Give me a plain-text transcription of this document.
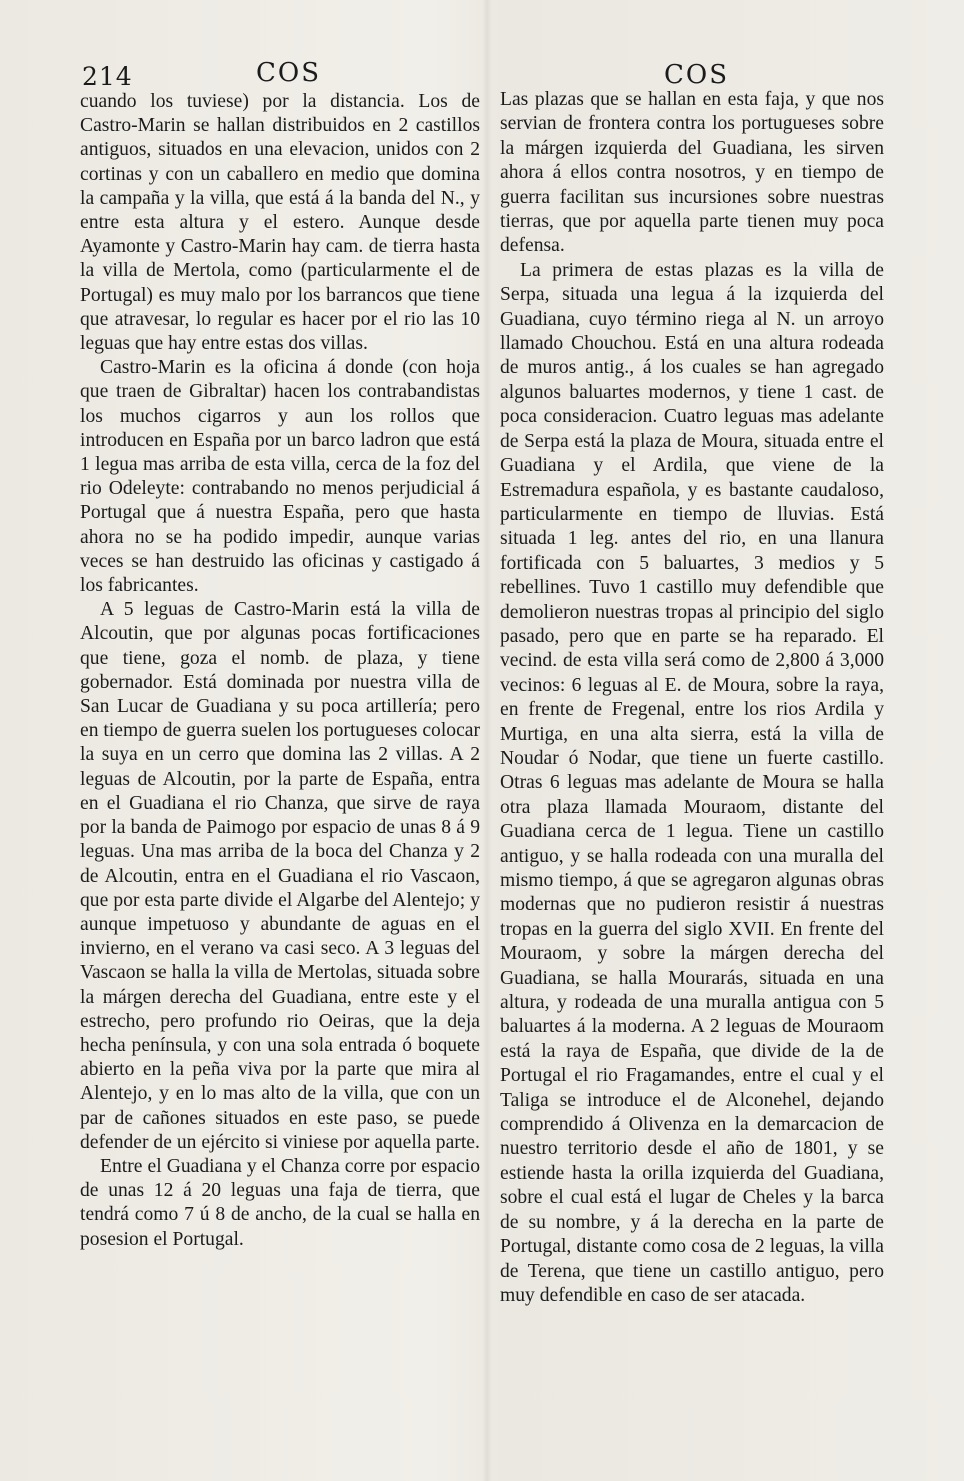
214	COS	COS

cuando los tuviese) por la distancia. Los de Castro-Marin se hallan distribuidos en 2 castillos antiguos, situados en una elevacion, unidos con 2 cortinas y con un caballero en medio que domina la campaña y la villa, que está á la banda del N., y entre esta altura y el estero. Aunque desde Ayamonte y Castro-Marin hay cam. de tierra hasta la villa de Mertola, como (particularmente el de Portugal) es muy malo por los barrancos que tiene que atravesar, lo regular es hacer por el rio las 10 leguas que hay entre estas dos villas.

Castro-Marin es la oficina á donde (con hoja que traen de Gibraltar) hacen los contrabandistas los muchos cigarros y aun los rollos que introducen en España por un barco ladron que está 1 legua mas arriba de esta villa, cerca de la foz del rio Odeleyte: contrabando no menos perjudicial á Portugal que á nuestra España, pero que hasta ahora no se ha podido impedir, aunque varias veces se han destruido las oficinas y castigado á los fabricantes.

A 5 leguas de Castro-Marin está la villa de Alcoutin, que por algunas pocas fortificaciones que tiene, goza el nomb. de plaza, y tiene gobernador. Está dominada por nuestra villa de San Lucar de Guadiana y su poca artillería; pero en tiempo de guerra suelen los portugueses colocar la suya en un cerro que domina las 2 villas. A 2 leguas de Alcoutin, por la parte de España, entra en el Guadiana el rio Chanza, que sirve de raya por la banda de Paimogo por espacio de unas 8 á 9 leguas. Una mas arriba de la boca del Chanza y 2 de Alcoutin, entra en el Guadiana el rio Vascaon, que por esta parte divide el Algarbe del Alentejo; y aunque impetuoso y abundante de aguas en el invierno, en el verano va casi seco. A 3 leguas del Vascaon se halla la villa de Mertolas, situada sobre la márgen derecha del Guadiana, entre este y el estrecho, pero profundo rio Oeiras, que la deja hecha península, y con una sola entrada ó boquete abierto en la peña viva por la parte que mira al Alentejo, y en lo mas alto de la villa, que con un par de cañones situados en este paso, se puede defender de un ejército si viniese por aquella parte.

Entre el Guadiana y el Chanza corre por espacio de unas 12 á 20 leguas una faja de tierra, que tendrá como 7 ú 8 de ancho, de la cual se halla en posesion el Portugal.

Las plazas que se hallan en esta faja, y que nos servian de frontera contra los portugueses sobre la márgen izquierda del Guadiana, les sirven ahora á ellos contra nosotros, y en tiempo de guerra facilitan sus incursiones sobre nuestras tierras, que por aquella parte tienen muy poca defensa.

La primera de estas plazas es la villa de Serpa, situada una legua á la izquierda del Guadiana, cuyo término riega al N. un arroyo llamado Chouchou. Está en una altura rodeada de muros antig., á los cuales se han agregado algunos baluartes modernos, y tiene 1 cast. de poca consideracion. Cuatro leguas mas adelante de Serpa está la plaza de Moura, situada entre el Guadiana y el Ardila, que viene de la Estremadura española, y es bastante caudaloso, particularmente en tiempo de lluvias. Está situada 1 leg. antes del rio, en una llanura fortificada con 5 baluartes, 3 medios y 5 rebellines. Tuvo 1 castillo muy defendible que demolieron nuestras tropas al principio del siglo pasado, pero que en parte se ha reparado. El vecind. de esta villa será como de 2,800 á 3,000 vecinos: 6 leguas al E. de Moura, sobre la raya, en frente de Fregenal, entre los rios Ardila y Murtiga, en una alta sierra, está la villa de Noudar ó Nodar, que tiene un fuerte castillo. Otras 6 leguas mas adelante de Moura se halla otra plaza llamada Mouraom, distante del Guadiana cerca de 1 legua. Tiene un castillo antiguo, y se halla rodeada con una muralla del mismo tiempo, á que se agregaron algunas obras modernas que no pudieron resistir á nuestras tropas en la guerra del siglo XVII. En frente del Mouraom, y sobre la márgen derecha del Guadiana, se halla Mourarás, situada en una altura, y rodeada de una muralla antigua con 5 baluartes á la moderna. A 2 leguas de Mouraom está la raya de España, que divide de la de Portugal el rio Fragamandes, entre el cual y el Taliga se introduce el de Alconehel, dejando comprendido á Olivenza en la demarcacion de nuestro territorio desde el año de 1801, y se estiende hasta la orilla izquierda del Guadiana, sobre el cual está el lugar de Cheles y la barca de su nombre, y á la derecha en la parte de Portugal, distante como cosa de 2 leguas, la villa de Terena, que tiene un castillo antiguo, pero muy defendible en caso de ser atacada.
